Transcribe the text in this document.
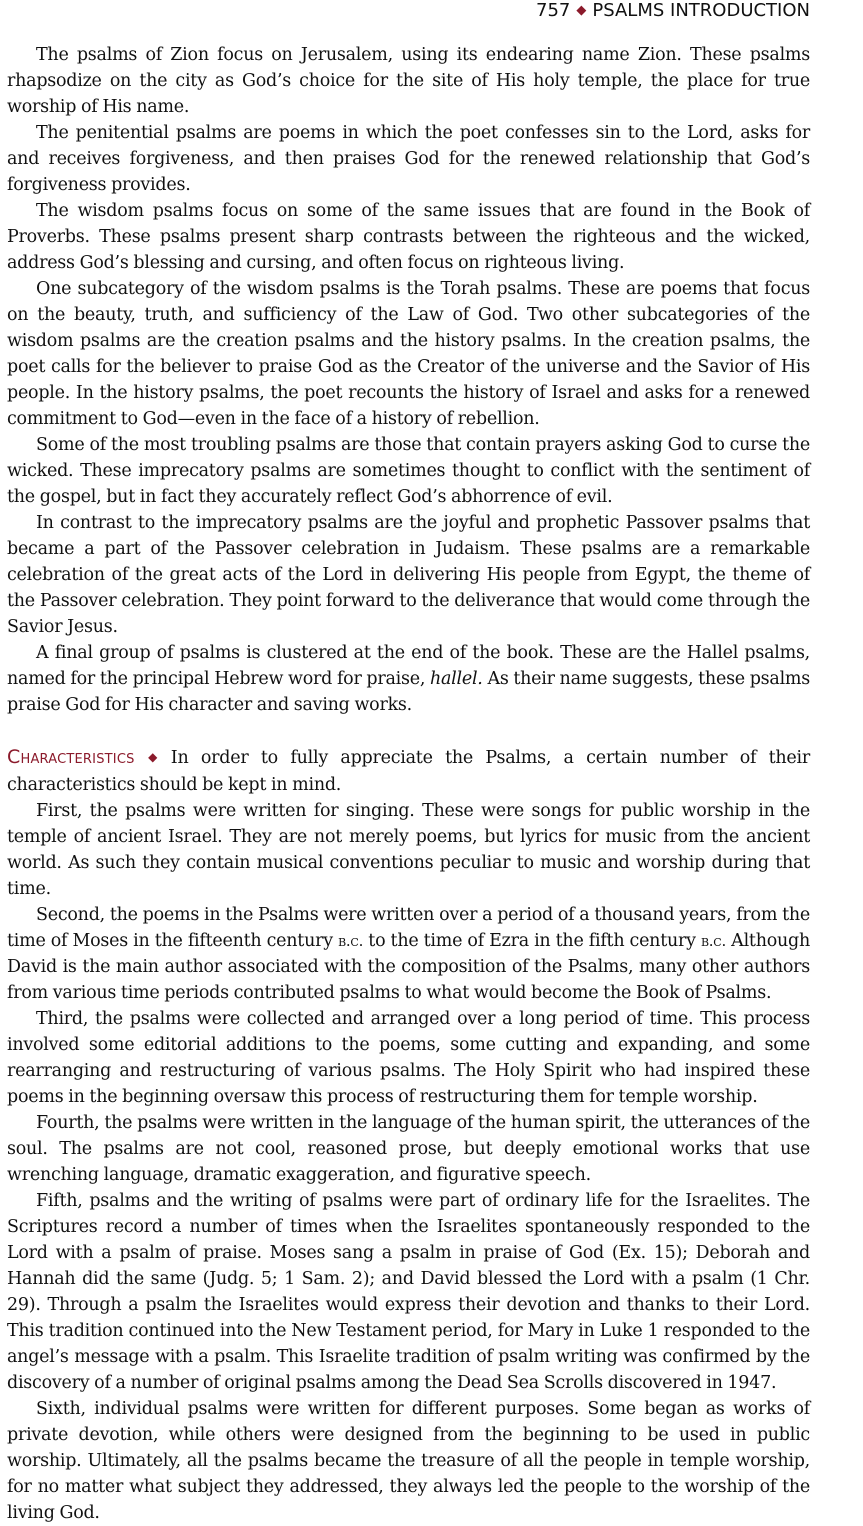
757 ◆ PSALMS INTRODUCTION

The psalms of Zion focus on Jerusalem, using its endearing name Zion. These psalms rhapsodize on the city as God’s choice for the site of His holy temple, the place for true worship of His name.

The penitential psalms are poems in which the poet confesses sin to the Lord, asks for and receives forgiveness, and then praises God for the renewed relationship that God’s forgiveness provides.

The wisdom psalms focus on some of the same issues that are found in the Book of Proverbs. These psalms present sharp contrasts between the righteous and the wicked, address God’s blessing and cursing, and often focus on righteous living.

One subcategory of the wisdom psalms is the Torah psalms. These are poems that focus on the beauty, truth, and sufficiency of the Law of God. Two other subcategories of the wisdom psalms are the creation psalms and the history psalms. In the creation psalms, the poet calls for the believer to praise God as the Creator of the universe and the Savior of His people. In the history psalms, the poet recounts the history of Israel and asks for a renewed commitment to God—even in the face of a history of rebellion.

Some of the most troubling psalms are those that contain prayers asking God to curse the wicked. These imprecatory psalms are sometimes thought to conflict with the sentiment of the gospel, but in fact they accurately reflect God’s abhorrence of evil.

In contrast to the imprecatory psalms are the joyful and prophetic Passover psalms that became a part of the Passover celebration in Judaism. These psalms are a remarkable celebration of the great acts of the Lord in delivering His people from Egypt, the theme of the Passover celebration. They point forward to the deliverance that would come through the Savior Jesus.

A final group of psalms is clustered at the end of the book. These are the Hallel psalms, named for the principal Hebrew word for praise, hallel. As their name suggests, these psalms praise God for His character and saving works.

Characteristics ◆ In order to fully appreciate the Psalms, a certain number of their characteristics should be kept in mind.

First, the psalms were written for singing. These were songs for public worship in the temple of ancient Israel. They are not merely poems, but lyrics for music from the ancient world. As such they contain musical conventions peculiar to music and worship during that time.

Second, the poems in the Psalms were written over a period of a thousand years, from the time of Moses in the fifteenth century b.c. to the time of Ezra in the fifth century b.c. Although David is the main author associated with the composition of the Psalms, many other authors from various time periods contributed psalms to what would become the Book of Psalms.

Third, the psalms were collected and arranged over a long period of time. This process involved some editorial additions to the poems, some cutting and expanding, and some rearranging and restructuring of various psalms. The Holy Spirit who had inspired these poems in the beginning oversaw this process of restructuring them for temple worship.

Fourth, the psalms were written in the language of the human spirit, the utterances of the soul. The psalms are not cool, reasoned prose, but deeply emotional works that use wrenching language, dramatic exaggeration, and figurative speech.

Fifth, psalms and the writing of psalms were part of ordinary life for the Israelites. The Scriptures record a number of times when the Israelites spontaneously responded to the Lord with a psalm of praise. Moses sang a psalm in praise of God (Ex. 15); Deborah and Hannah did the same (Judg. 5; 1 Sam. 2); and David blessed the Lord with a psalm (1 Chr. 29). Through a psalm the Israelites would express their devotion and thanks to their Lord. This tradition continued into the New Testament period, for Mary in Luke 1 responded to the angel’s message with a psalm. This Israelite tradition of psalm writing was confirmed by the discovery of a number of original psalms among the Dead Sea Scrolls discovered in 1947.

Sixth, individual psalms were written for different purposes. Some began as works of private devotion, while others were designed from the beginning to be used in public worship. Ultimately, all the psalms became the treasure of all the people in temple worship, for no matter what subject they addressed, they always led the people to the worship of the living God.
